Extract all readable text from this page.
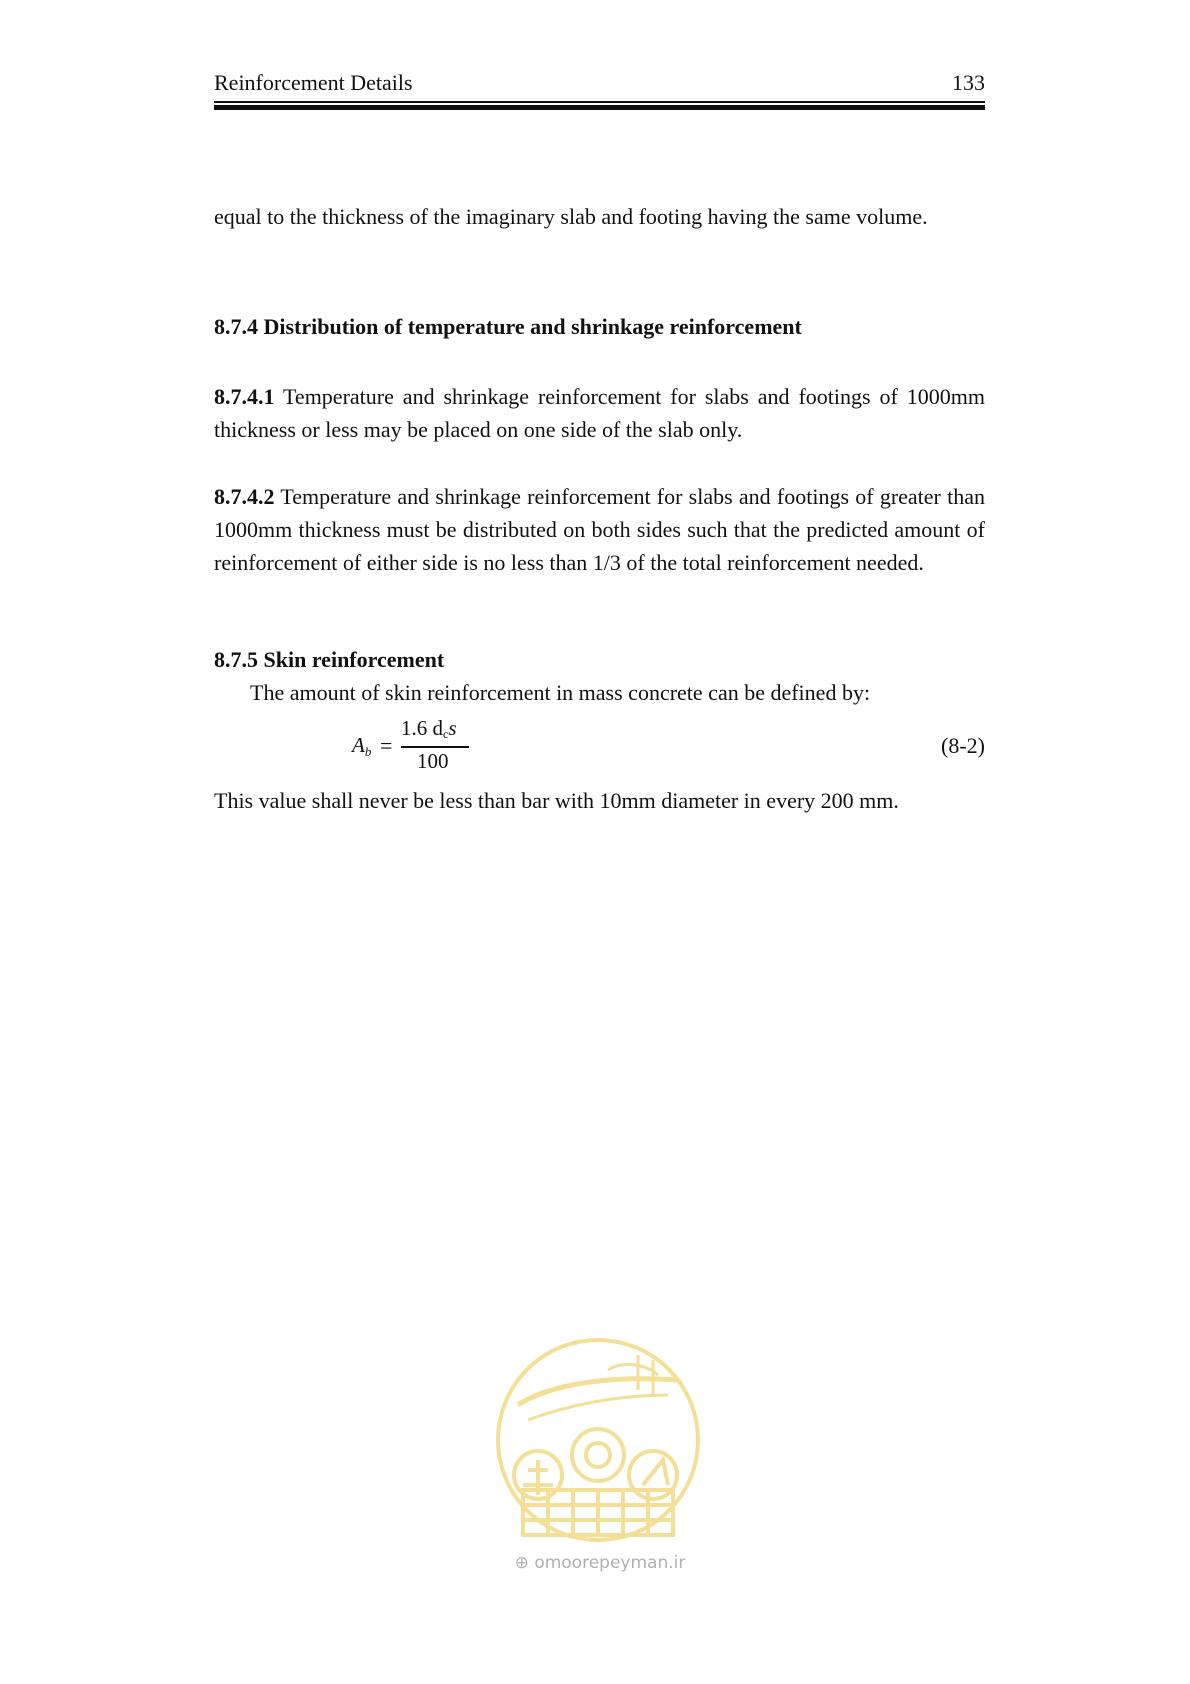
Reinforcement Details	133

equal to the thickness of the imaginary slab and footing having the same volume.

8.7.4 Distribution of temperature and shrinkage reinforcement

8.7.4.1 Temperature and shrinkage reinforcement for slabs and footings of 1000mm thickness or less may be placed on one side of the slab only.

8.7.4.2 Temperature and shrinkage reinforcement for slabs and footings of greater than 1000mm thickness must be distributed on both sides such that the predicted amount of reinforcement of either side is no less than 1/3 of the total reinforcement needed.

8.7.5 Skin reinforcement
The amount of skin reinforcement in mass concrete can be defined by:
$A_b$ =
1.6 $d_cs$
100
(8-2)
This value shall never be less than bar with 10mm diameter in every 200 mm.
⊕ omoorepeyman.ir
